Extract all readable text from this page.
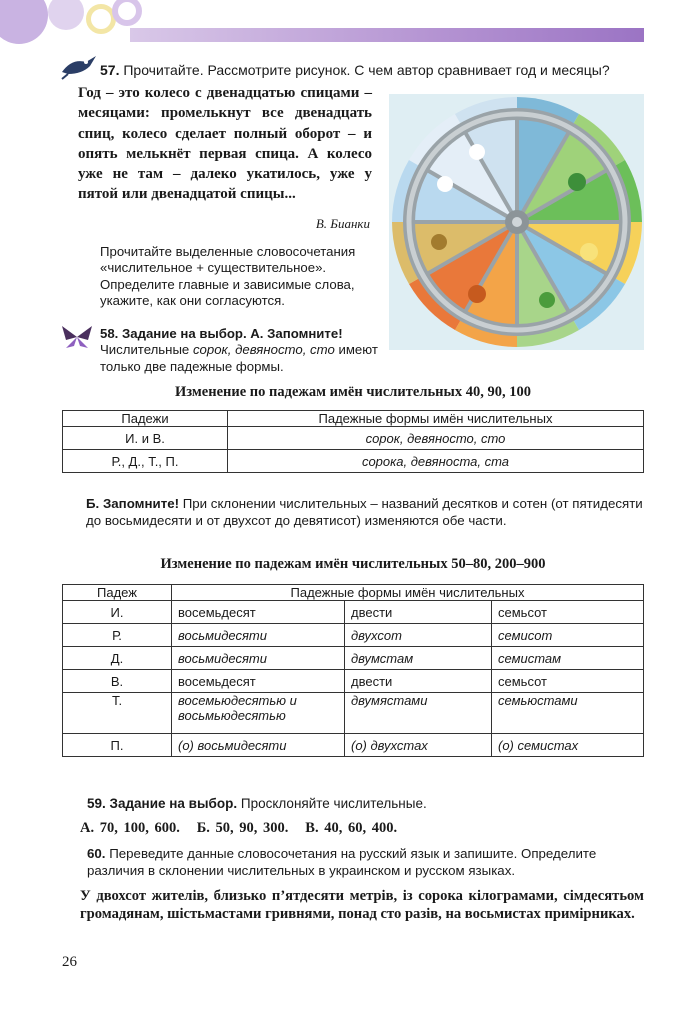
57. Прочитайте. Рассмотрите рисунок. С чем автор сравнивает год и месяцы?
Год – это колесо с двенадцатью спицами – месяцами: промелькнут все двенадцать спиц, колесо сделает полный оборот – и опять мелькнёт первая спица. А колесо уже не там – далеко укатилось, уже у пятой или двенадцатой спицы...
В. Бианки
Прочитайте выделенные словосочетания «числительное + существительное». Определите главные и зависимые слова, укажите, как они согласуются.
58. Задание на выбор. А. Запомните!
Числительные сорок, девяносто, сто имеют только две падежные формы.
Изменение по падежам имён числительных 40, 90, 100
Падежи	Падежные формы имён числительных
И. и В.	сорок, девяносто, сто
Р., Д., Т., П.	сорока, девяноста, ста
Б. Запомните! При склонении числительных – названий десятков и сотен (от пятидесяти до восьмидесяти и от двухсот до девятисот) изменяются обе части.
Изменение по падежам имён числительных 50–80, 200–900
Падеж	Падежные формы имён числительных		
И.	восемьдесят	двести	семьсот
Р.	восьмидесяти	двухсот	семисот
Д.	восьмидесяти	двумстам	семистам
В.	восемьдесят	двести	семьсот
Т.	восемьюдесятью и восьмьюдесятью	двумястами	семьюстами
П.	(о) восьмидесяти	(о) двухстах	(о) семистах
59. Задание на выбор. Просклоняйте числительные.
А. 70, 100, 600.   Б. 50, 90, 300.   В. 40, 60, 400.
60. Переведите данные словосочетания на русский язык и запишите. Определите различия в склонении числительных в украинском и русском языках.
У двохсот жителів, близько п’ятдесяти метрів, із сорока кілограмами, сімдесятьом громадянам, шістьмастами гривнями, понад сто разів, на восьмистах примірниках.
26
